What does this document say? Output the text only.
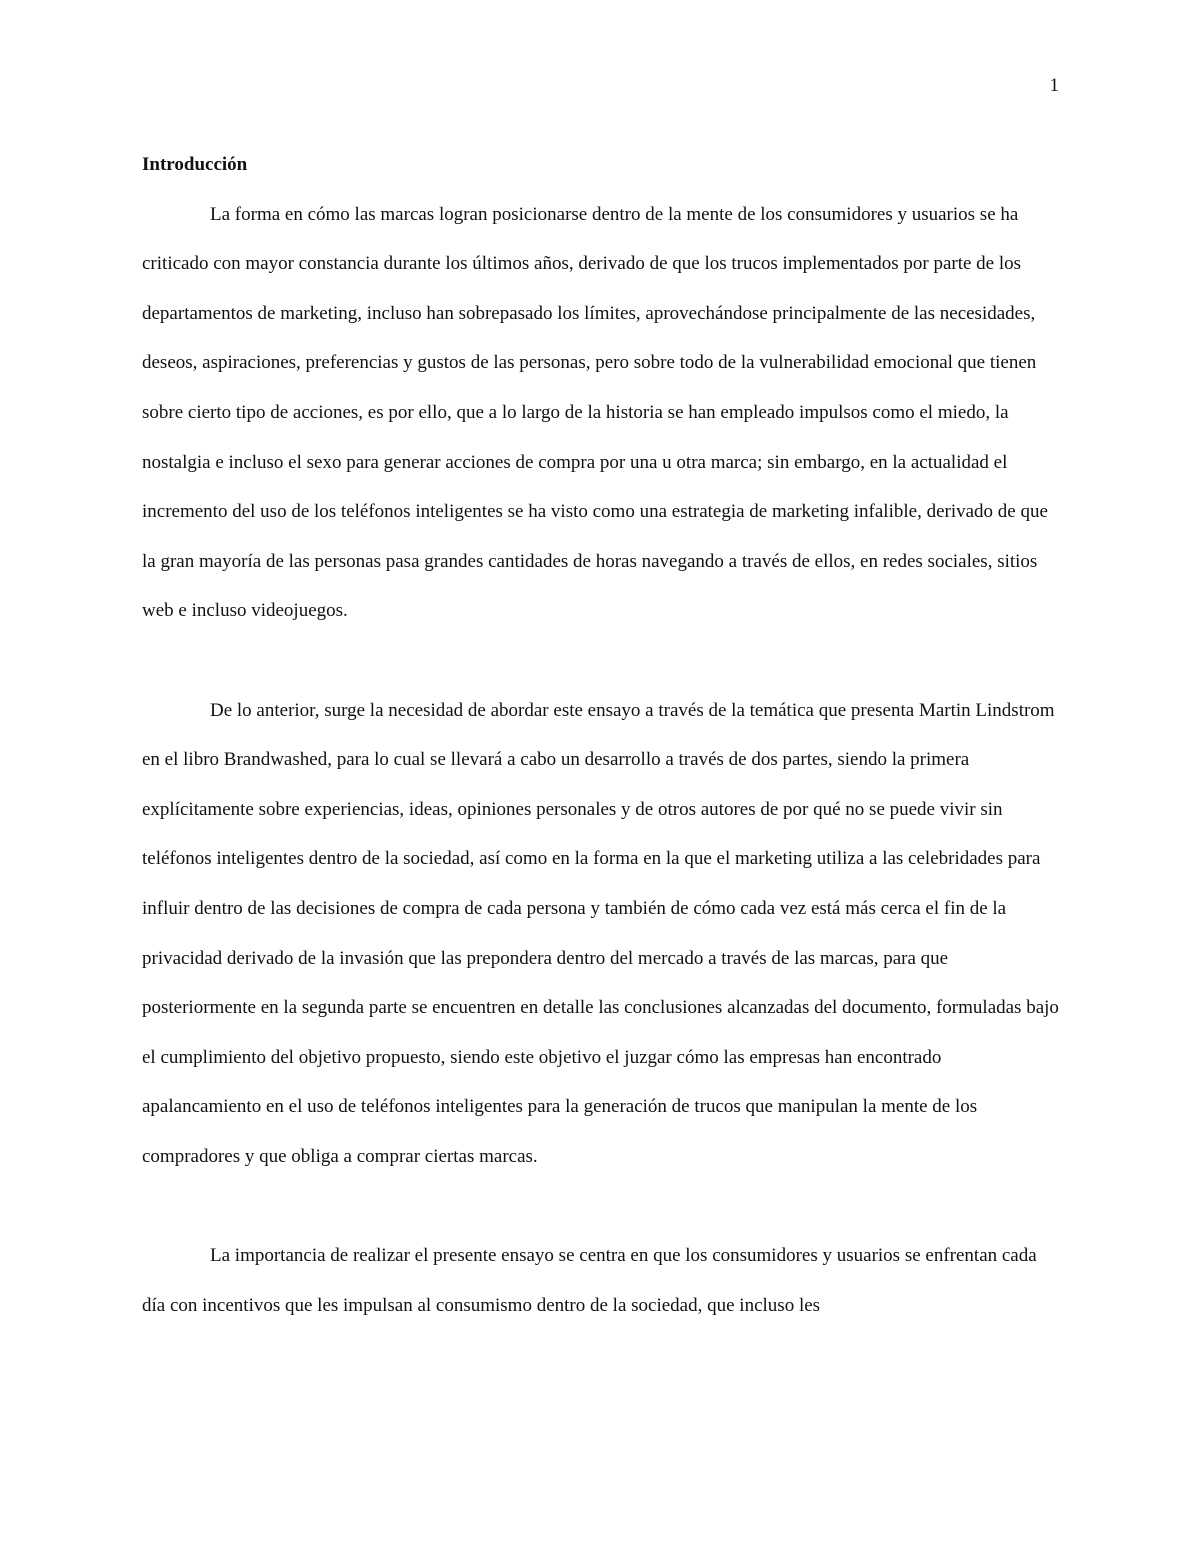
1

Introducción

La forma en cómo las marcas logran posicionarse dentro de la mente de los consumidores y usuarios se ha criticado con mayor constancia durante los últimos años, derivado de que los trucos implementados por parte de los departamentos de marketing, incluso han sobrepasado los límites, aprovechándose principalmente de las necesidades, deseos, aspiraciones, preferencias y gustos de las personas, pero sobre todo de la vulnerabilidad emocional que tienen sobre cierto tipo de acciones, es por ello, que a lo largo de la historia se han empleado impulsos como el miedo, la nostalgia e incluso el sexo para generar acciones de compra por una u otra marca; sin embargo, en la actualidad el incremento del uso de los teléfonos inteligentes se ha visto como una estrategia de marketing infalible, derivado de que la gran mayoría de las personas pasa grandes cantidades de horas navegando a través de ellos, en redes sociales, sitios web e incluso videojuegos.

De lo anterior, surge la necesidad de abordar este ensayo a través de la temática que presenta Martin Lindstrom en el libro Brandwashed, para lo cual se llevará a cabo un desarrollo a través de dos partes, siendo la primera explícitamente sobre experiencias, ideas, opiniones personales y de otros autores de por qué no se puede vivir sin teléfonos inteligentes dentro de la sociedad, así como en la forma en la que el marketing utiliza a las celebridades para influir dentro de las decisiones de compra de cada persona y también de cómo cada vez está más cerca el fin de la privacidad derivado de la invasión que las prepondera dentro del mercado a través de las marcas, para que posteriormente en la segunda parte se encuentren en detalle las conclusiones alcanzadas del documento, formuladas bajo el cumplimiento del objetivo propuesto, siendo este objetivo el juzgar cómo las empresas han encontrado apalancamiento en el uso de teléfonos inteligentes para la generación de trucos que manipulan la mente de los compradores y que obliga a comprar ciertas marcas.

La importancia de realizar el presente ensayo se centra en que los consumidores y usuarios se enfrentan cada día con incentivos que les impulsan al consumismo dentro de la sociedad, que incluso les
